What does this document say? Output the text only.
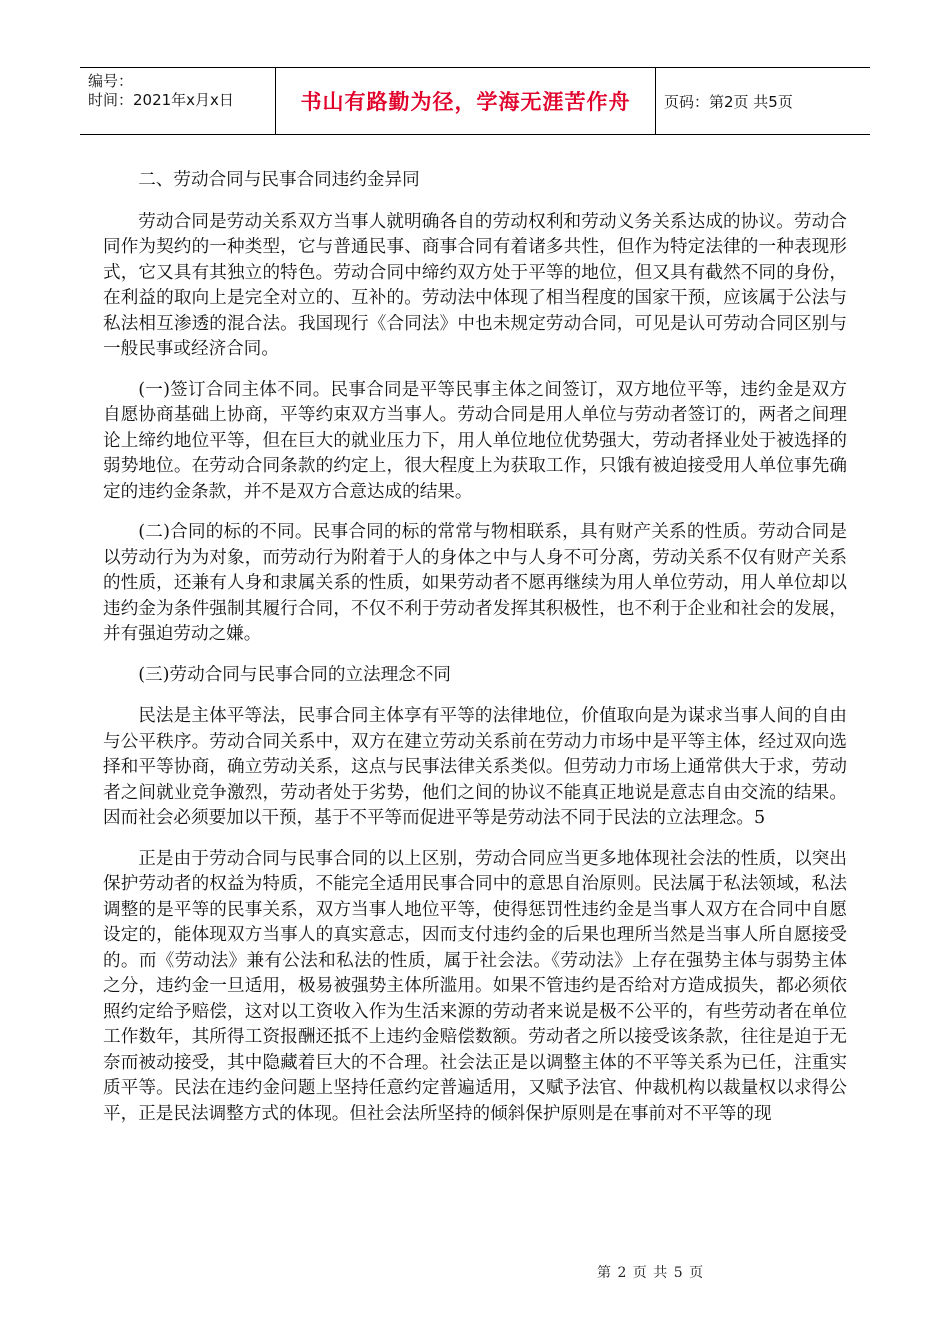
编号：
时间：2021年x月x日	书山有路勤为径，学海无涯苦作舟 页码：第2页 共5页

二、劳动合同与民事合同违约金异同

劳动合同是劳动关系双方当事人就明确各自的劳动权利和劳动义务关系达成的协议。劳动合同作为契约的一种类型，它与普通民事、商事合同有着诸多共性，但作为特定法律的一种表现形式，它又具有其独立的特色。劳动合同中缔约双方处于平等的地位，但又具有截然不同的身份，在利益的取向上是完全对立的、互补的。劳动法中体现了相当程度的国家干预，应该属于公法与私法相互渗透的混合法。我国现行《合同法》中也未规定劳动合同，可见是认可劳动合同区别与一般民事或经济合同。

(一)签订合同主体不同。民事合同是平等民事主体之间签订，双方地位平等，违约金是双方自愿协商基础上协商，平等约束双方当事人。劳动合同是用人单位与劳动者签订的，两者之间理论上缔约地位平等，但在巨大的就业压力下，用人单位地位优势强大，劳动者择业处于被选择的弱势地位。在劳动合同条款的约定上，很大程度上为获取工作，只饿有被迫接受用人单位事先确定的违约金条款，并不是双方合意达成的结果。

(二)合同的标的不同。民事合同的标的常常与物相联系，具有财产关系的性质。劳动合同是以劳动行为为对象，而劳动行为附着于人的身体之中与人身不可分离，劳动关系不仅有财产关系的性质，还兼有人身和隶属关系的性质，如果劳动者不愿再继续为用人单位劳动，用人单位却以违约金为条件强制其履行合同，不仅不利于劳动者发挥其积极性，也不利于企业和社会的发展，并有强迫劳动之嫌。

(三)劳动合同与民事合同的立法理念不同

民法是主体平等法，民事合同主体享有平等的法律地位，价值取向是为谋求当事人间的自由与公平秩序。劳动合同关系中，双方在建立劳动关系前在劳动力市场中是平等主体，经过双向选择和平等协商，确立劳动关系，这点与民事法律关系类似。但劳动力市场上通常供大于求，劳动者之间就业竞争激烈，劳动者处于劣势，他们之间的协议不能真正地说是意志自由交流的结果。因而社会必须要加以干预，基于不平等而促进平等是劳动法不同于民法的立法理念。5

正是由于劳动合同与民事合同的以上区别，劳动合同应当更多地体现社会法的性质，以突出保护劳动者的权益为特质，不能完全适用民事合同中的意思自治原则。民法属于私法领域，私法调整的是平等的民事关系，双方当事人地位平等，使得惩罚性违约金是当事人双方在合同中自愿设定的，能体现双方当事人的真实意志，因而支付违约金的后果也理所当然是当事人所自愿接受的。而《劳动法》兼有公法和私法的性质，属于社会法。《劳动法》上存在强势主体与弱势主体之分，违约金一旦适用，极易被强势主体所滥用。如果不管违约是否给对方造成损失，都必须依照约定给予赔偿，这对以工资收入作为生活来源的劳动者来说是极不公平的，有些劳动者在单位工作数年，其所得工资报酬还抵不上违约金赔偿数额。劳动者之所以接受该条款，往往是迫于无奈而被动接受，其中隐藏着巨大的不合理。社会法正是以调整主体的不平等关系为已任，注重实质平等。民法在违约金问题上坚持任意约定普遍适用，又赋予法官、仲裁机构以裁量权以求得公平，正是民法调整方式的体现。但社会法所坚持的倾斜保护原则是在事前对不平等的现

第 2 页 共 5 页
